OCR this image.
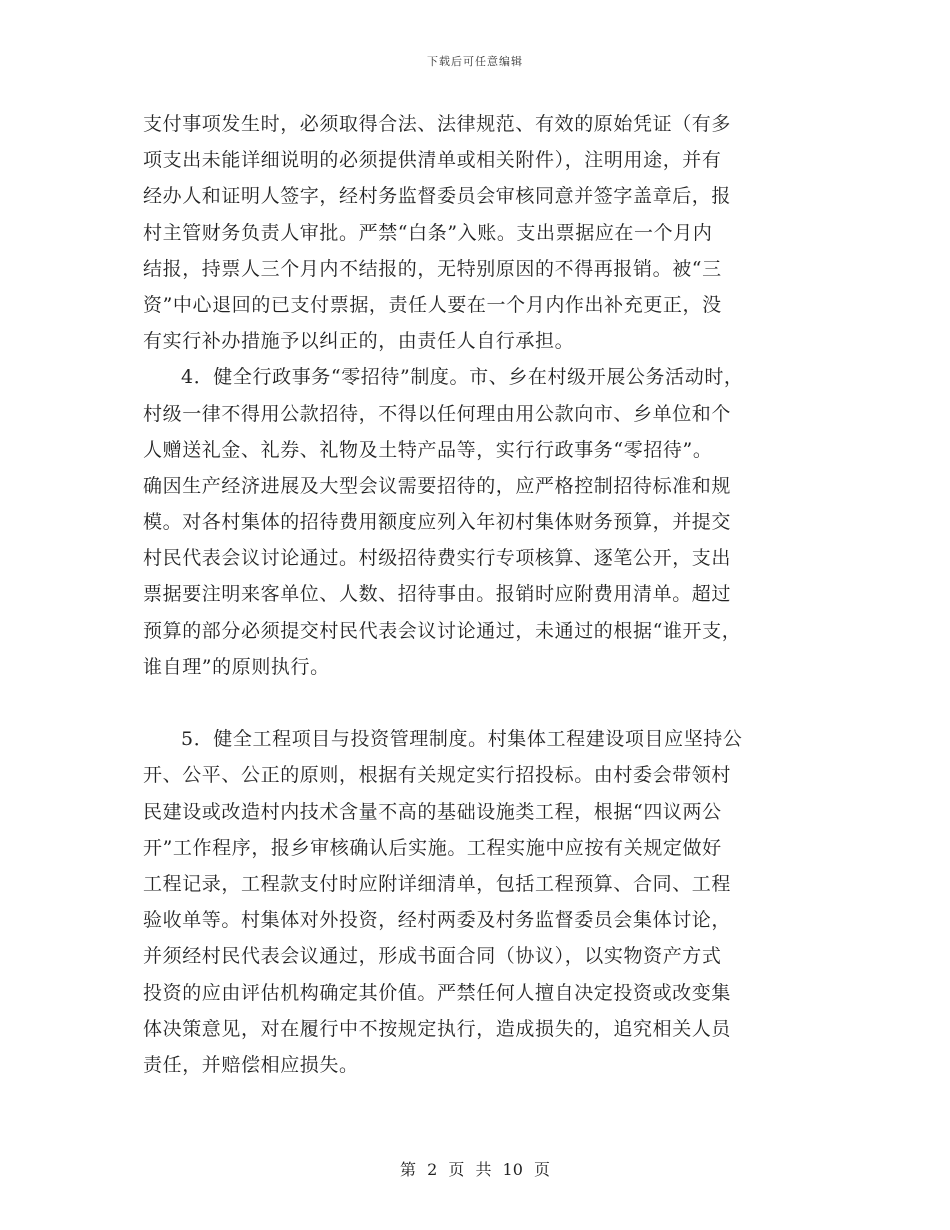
下载后可任意编辑
支付事项发生时，必须取得合法、法律规范、有效的原始凭证（有多
项支出未能详细说明的必须提供清单或相关附件），注明用途，并有
经办人和证明人签字，经村务监督委员会审核同意并签字盖章后，报
村主管财务负责人审批。严禁“白条”入账。支出票据应在一个月内
结报，持票人三个月内不结报的，无特别原因的不得再报销。被“三
资”中心退回的已支付票据，责任人要在一个月内作出补充更正，没
有实行补办措施予以纠正的，由责任人自行承担。
4．健全行政事务“零招待”制度。市、乡在村级开展公务活动时，
村级一律不得用公款招待，不得以任何理由用公款向市、乡单位和个
人赠送礼金、礼券、礼物及土特产品等，实行行政事务“零招待”。
确因生产经济进展及大型会议需要招待的，应严格控制招待标准和规
模。对各村集体的招待费用额度应列入年初村集体财务预算，并提交
村民代表会议讨论通过。村级招待费实行专项核算、逐笔公开，支出
票据要注明来客单位、人数、招待事由。报销时应附费用清单。超过
预算的部分必须提交村民代表会议讨论通过，未通过的根据“谁开支，
谁自理”的原则执行。
5．健全工程项目与投资管理制度。村集体工程建设项目应坚持公
开、公平、公正的原则，根据有关规定实行招投标。由村委会带领村
民建设或改造村内技术含量不高的基础设施类工程，根据“四议两公
开”工作程序，报乡审核确认后实施。工程实施中应按有关规定做好
工程记录，工程款支付时应附详细清单，包括工程预算、合同、工程
验收单等。村集体对外投资，经村两委及村务监督委员会集体讨论，
并须经村民代表会议通过，形成书面合同（协议），以实物资产方式
投资的应由评估机构确定其价值。严禁任何人擅自决定投资或改变集
体决策意见，对在履行中不按规定执行，造成损失的，追究相关人员
责任，并赔偿相应损失。
第 2 页 共 10 页
